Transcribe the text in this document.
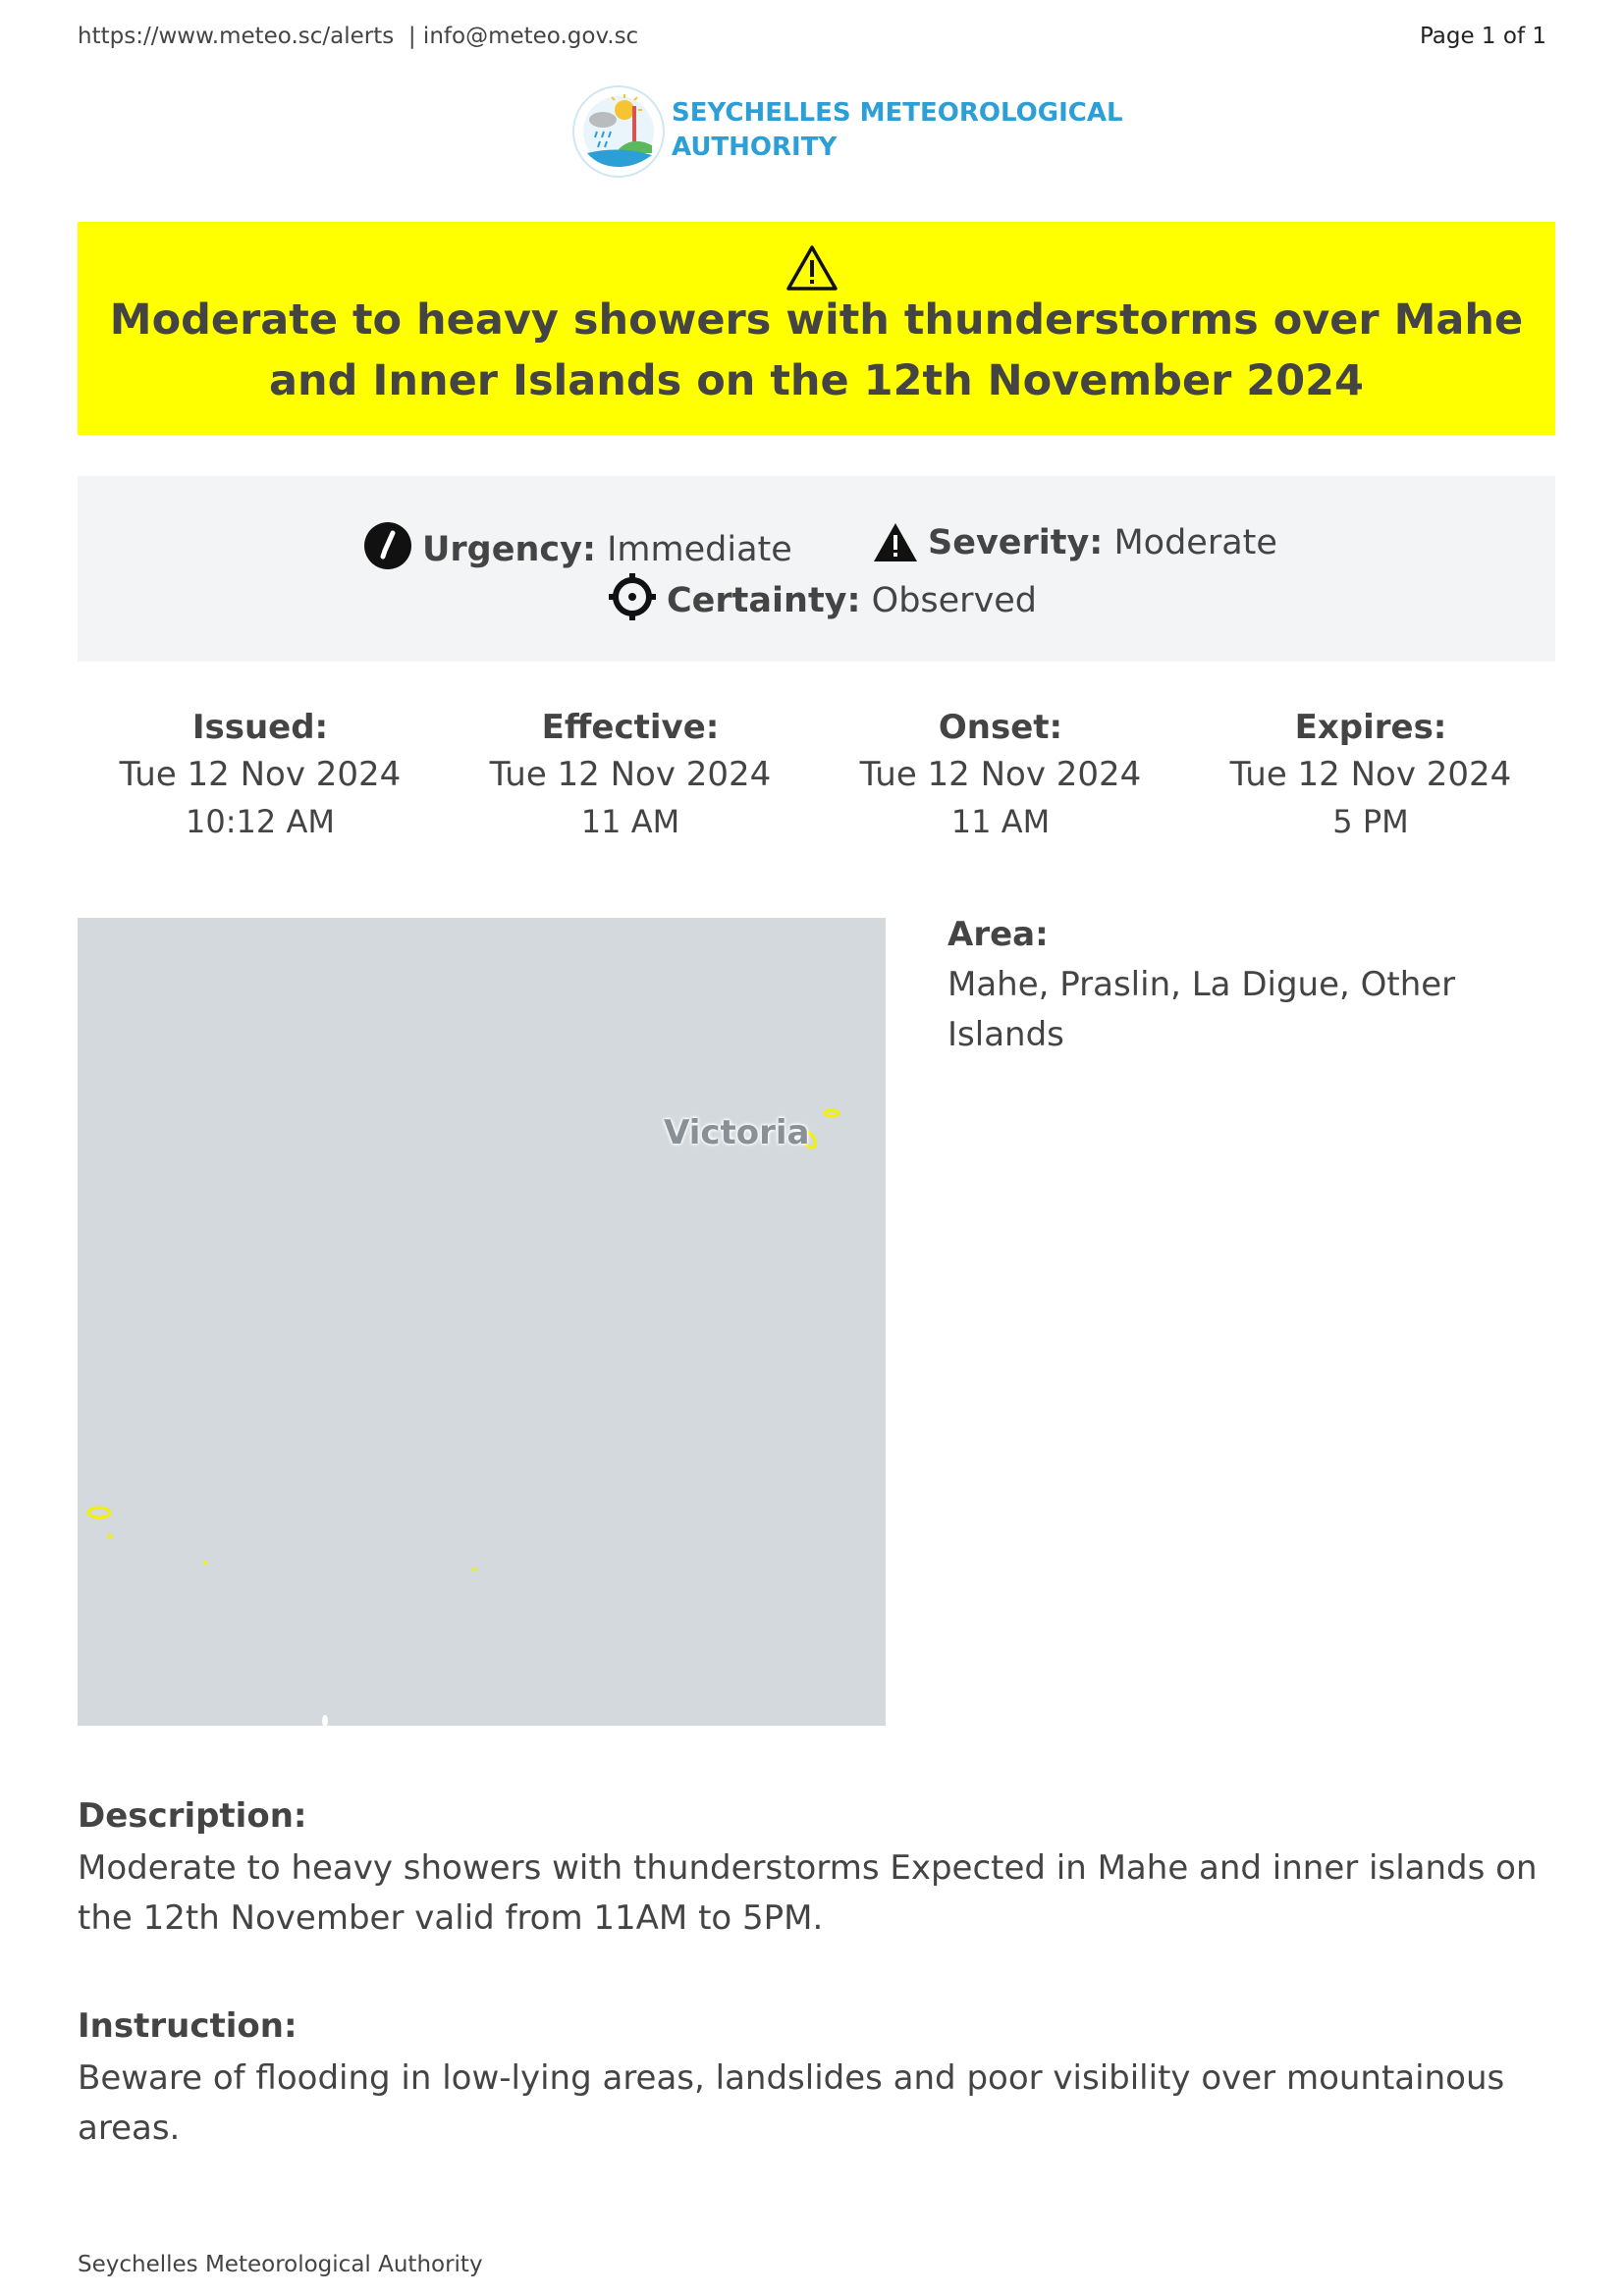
https://www.meteo.sc/alerts  | info@meteo.gov.sc	Page 1 of 1
SEYCHELLES METEOROLOGICAL
AUTHORITY
Moderate to heavy showers with thunderstorms over Mahe and Inner Islands on the 12th November 2024
Urgency: Immediate	Severity: Moderate
Certainty: Observed
Issued:
Tue 12 Nov 2024
10:12 AM
Effective:
Tue 12 Nov 2024
11 AM
Onset:
Tue 12 Nov 2024
11 AM
Expires:
Tue 12 Nov 2024
5 PM
Victoria
Area:
Mahe, Praslin, La Digue, Other Islands
Description:
Moderate to heavy showers with thunderstorms Expected in Mahe and inner islands on the 12th November valid from 11AM to 5PM.
Instruction:
Beware of flooding in low-lying areas, landslides and poor visibility over mountainous areas.
Seychelles Meteorological Authority
